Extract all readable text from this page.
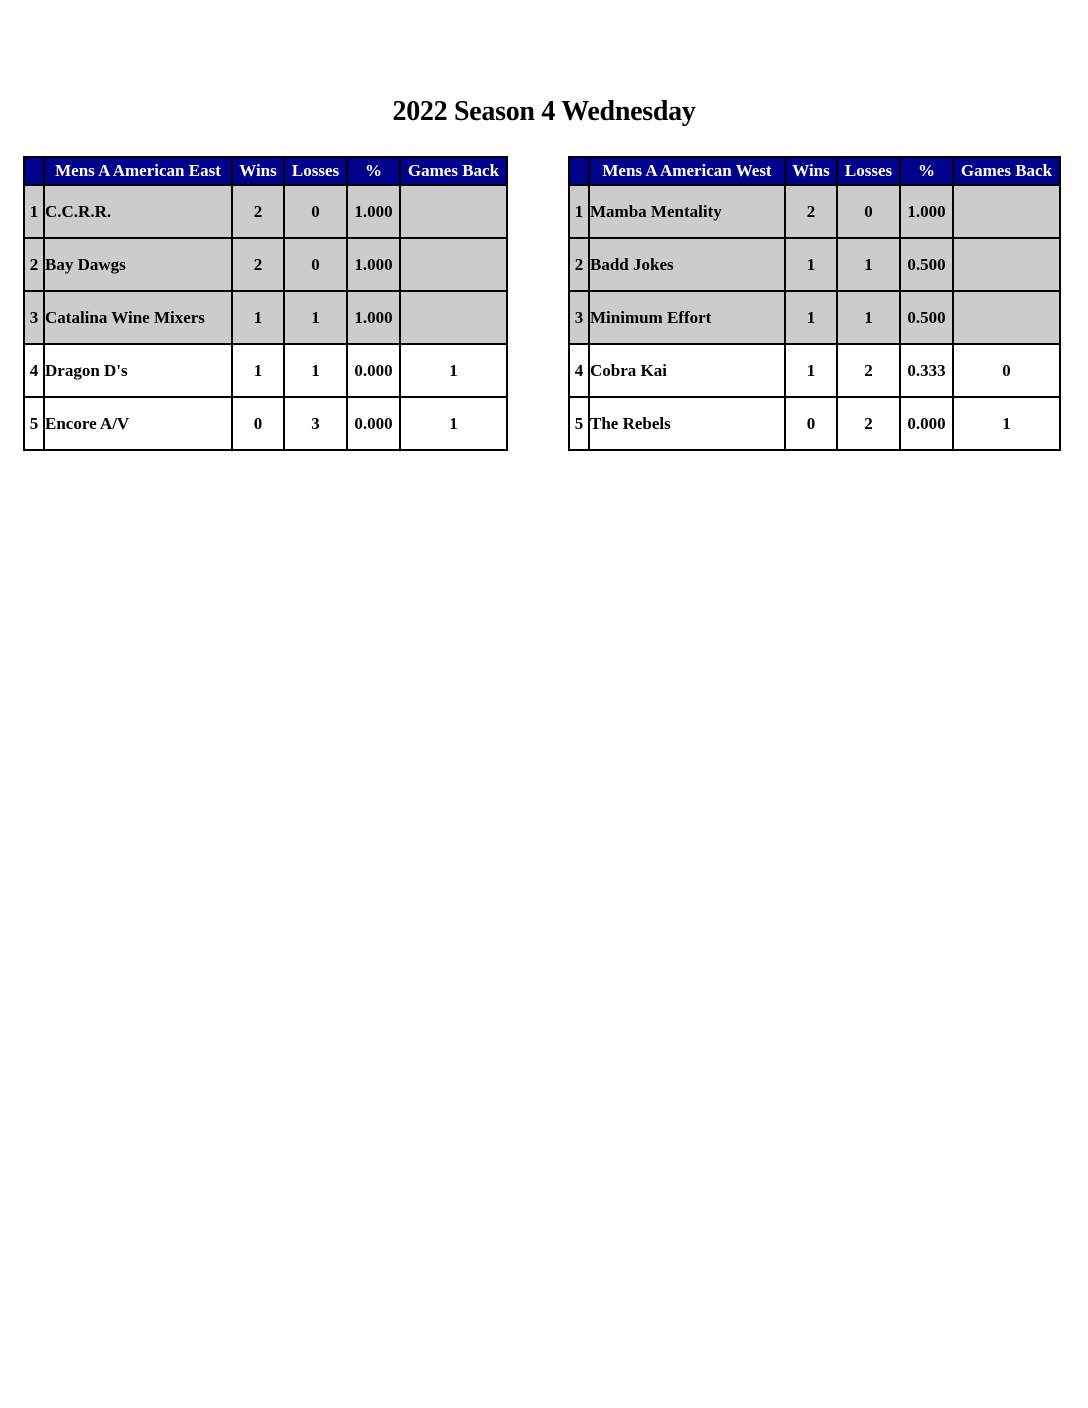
2022 Season 4 Wednesday
	Mens A American East	Wins	Losses	%	Games Back
1	C.C.R.R.	2	0	1.000	
2	Bay Dawgs	2	0	1.000	
3	Catalina Wine Mixers	1	1	1.000	
4	Dragon D's	1	1	0.000	1
5	Encore A/V	0	3	0.000	1
	Mens A American West	Wins	Losses	%	Games Back
1	Mamba Mentality	2	0	1.000	
2	Badd Jokes	1	1	0.500	
3	Minimum Effort	1	1	0.500	
4	Cobra Kai	1	2	0.333	0
5	The Rebels	0	2	0.000	1
